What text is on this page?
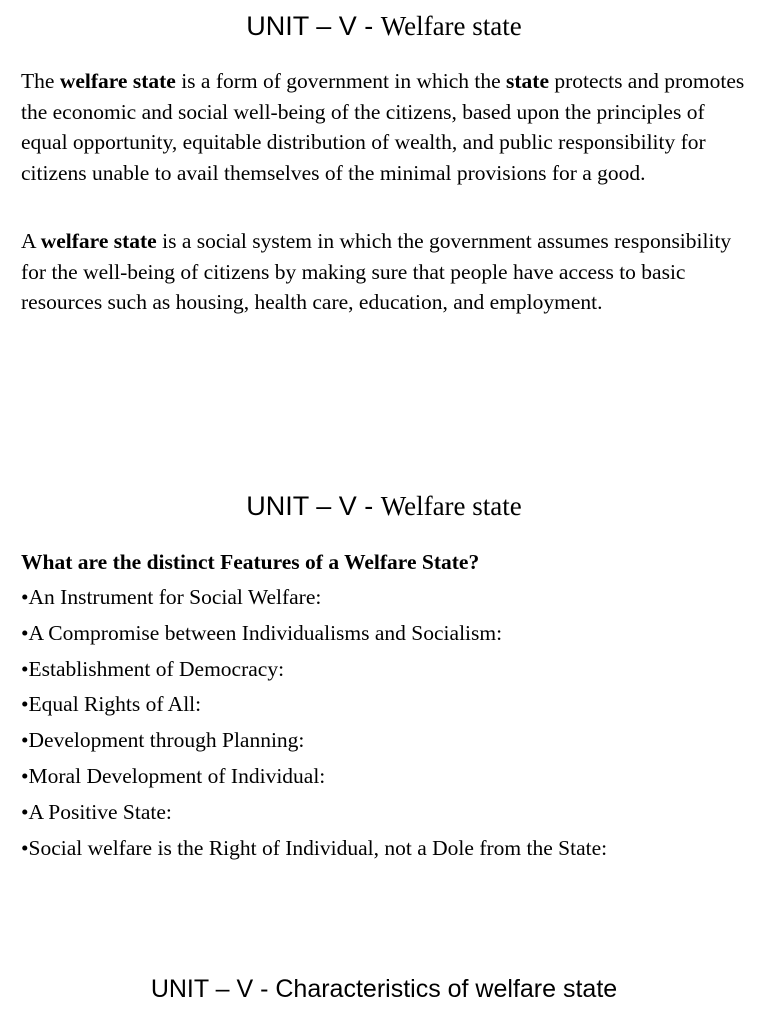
UNIT – V - Welfare state

The welfare state is a form of government in which the state protects and promotes the economic and social well-being of the citizens, based upon the principles of equal opportunity, equitable distribution of wealth, and public responsibility for citizens unable to avail themselves of the minimal provisions for a good.

A welfare state is a social system in which the government assumes responsibility for the well-being of citizens by making sure that people have access to basic resources such as housing, health care, education, and employment.

UNIT – V - Welfare state

What are the distinct Features of a Welfare State?

•An Instrument for Social Welfare:
•A Compromise between Individualisms and Socialism:
•Establishment of Democracy:
•Equal Rights of All:
•Development through Planning:
•Moral Development of Individual:
•A Positive State:
•Social welfare is the Right of Individual, not a Dole from the State:
UNIT – V - Characteristics of welfare state
